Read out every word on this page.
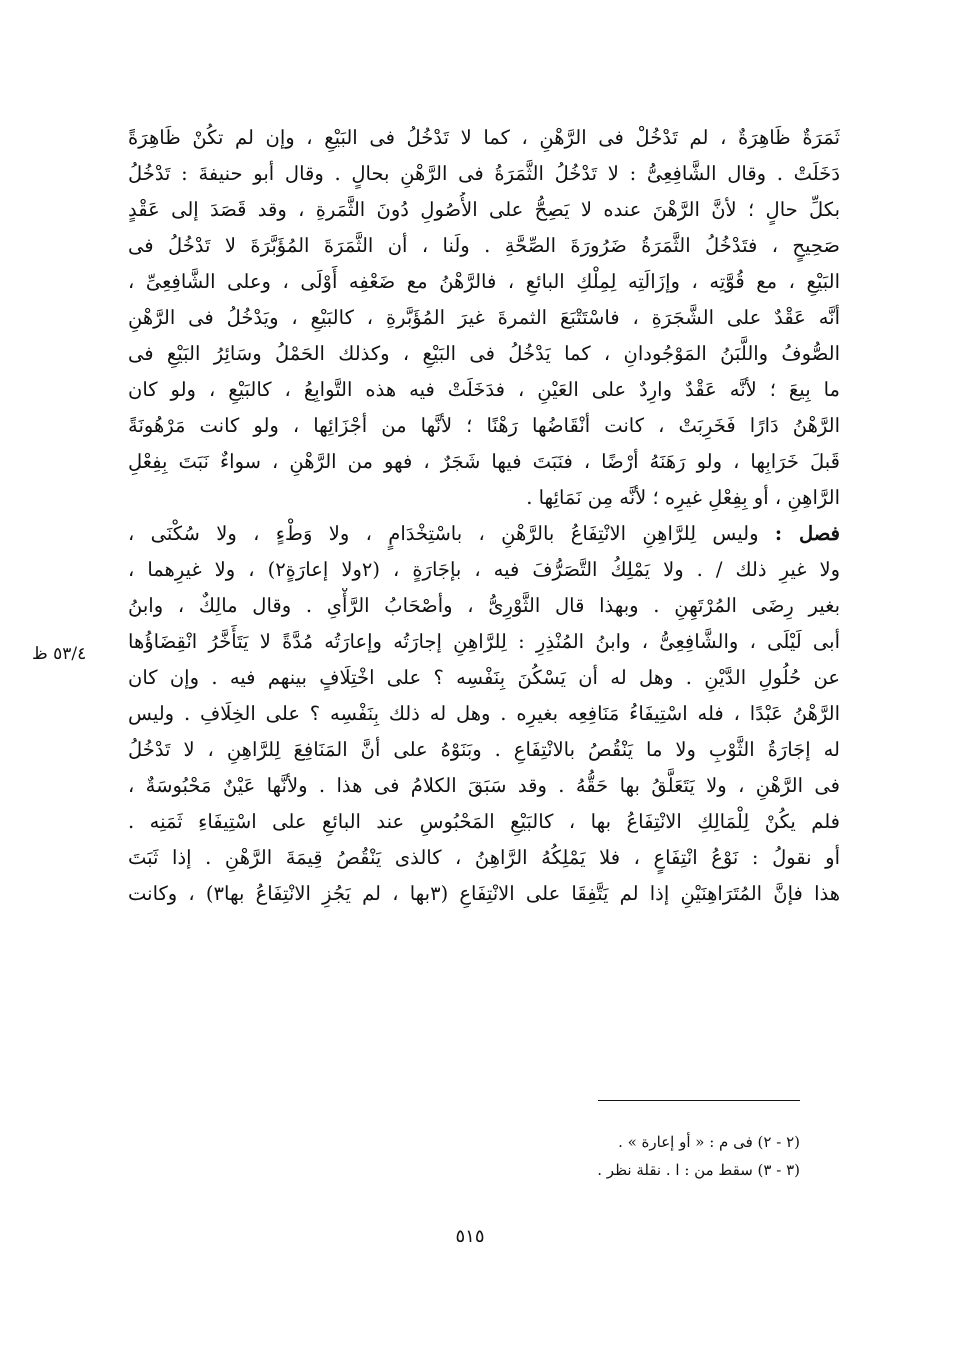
ثَمَرَةٌ ظَاهِرَةٌ ، لم تَدْخُلْ فى الرَّهْنِ ، كما لا تَدْخُلُ فى البَيْعِ ، وإن لم تكُنْ ظَاهِرَةً
دَخَلَتْ . وقال الشَّافِعِىُّ : لا تَدْخُلُ الثَّمَرَةُ فى الرَّهْنِ بحالٍ . وقال أبو حنيفةَ : تَدْخُلُ
بكلِّ حالٍ ؛ لأنَّ الرَّهْنَ عنده لا يَصِحُّ على الأُصُولِ دُونَ الثَّمَرةِ ، وقد قَصَدَ إلى عَقْدٍ
صَحِيحٍ ، فتَدْخُلُ الثَّمَرَةُ ضَرُورَةَ الصِّحَّةِ . ولَنا ، أن الثَّمَرَةَ المُؤَبَّرَةَ لا تَدْخُلُ فى
البَيْعِ ، مع قُوَّتِه ، وإزَالَتِه لِمِلْكِ البائعِ ، فالرَّهْنُ مع ضَعْفِه أَوْلَى ، وعلى الشَّافِعِىِّ ،
أنَّه عَقْدٌ على الشَّجَرَةِ ، فاسْتَتْبَعَ الثمرةَ غيرَ المُؤَبَّرةِ ، كالبَيْعِ ، ويَدْخُلُ فى الرَّهْنِ
الصُّوفُ واللَّبَنُ المَوْجُودانِ ، كما يَدْخُلُ فى البَيْعِ ، وكذلك الحَمْلُ وسَائِرُ البَيْعِ فى
ما بِيعَ ؛ لأنَّه عَقْدٌ وارِدٌ على العَيْنِ ، فدَخَلَتْ فيه هذه التَّوابِعُ ، كالبَيْعِ ، ولو كان
الرَّهْنُ دَارًا فَخَرِبَتْ ، كانت أنْقَاضُها رَهْنًا ؛ لأنَّها من أجْزَائِها ، ولو كانت مَرْهُونَةً
قَبلَ خَرَابِها ، ولو رَهَنَهُ أرْضًا ، فنَبَتَ فيها شَجَرٌ ، فهو من الرَّهْنِ ، سواءٌ نَبَتَ بِفِعْلِ
الرَّاهِنِ ، أو بِفِعْلِ غيرِه ؛ لأنَّه مِن نَمَائِها .
فصل : وليس لِلرَّاهِنِ الانْتِفَاعُ بالرَّهْنِ ، باسْتِخْدَامٍ ، ولا وَطْءٍ ، ولا سُكْنَى ،
ولا غيرِ ذلك / . ولا يَمْلِكُ التَّصَرُّفَ فيه ، بإجَارَةٍ ، (٢ولا إعارَةٍ٢) ، ولا غيرِهما ،
بغير رِضَى المُرْتَهِنِ . وبهذا قال الثَّوْرِىُّ ، وأصْحَابُ الرَّأْىِ . وقال مالِكٌ ، وابنُ
أبى لَيْلَى ، والشَّافِعِىُّ ، وابنُ المُنْذِرِ : لِلرَّاهِنِ إجارَتُه وإعارَتُه مُدَّةً لا يَتَأَخَّرُ انْقِضَاؤُها
عن حُلُولِ الدَّيْنِ . وهل له أن يَسْكُنَ بِنَفْسِه ؟ على اخْتِلَافٍ بينهم فيه . وإن كان
الرَّهْنُ عَبْدًا ، فله اسْتِيفَاءُ مَنَافِعِه بغيرِه . وهل له ذلك بِنَفْسِه ؟ على الخِلَافِ . وليس
له إجَارَةُ الثَّوْبِ ولا ما يَنْقُصُ بالانْتِفَاعِ . وبَنَوْهُ على أنَّ المَنَافِعَ لِلرَّاهِنِ ، لا تَدْخُلُ
فى الرَّهْنِ ، ولا يَتَعَلَّقُ بها حَقُّهُ . وقد سَبَقَ الكلامُ فى هذا . ولأنَّها عَيْنٌ مَحْبُوسَةٌ ،
فلم يكُنْ لِلْمَالِكِ الانْتِفَاعُ بها ، كالبَيْعِ المَحْبُوسِ عند البائعِ على اسْتِيفَاءِ ثَمَنِه .
أو نقولُ : نَوْعُ انْتِفَاعٍ ، فلا يَمْلِكُهُ الرَّاهِنُ ، كالذى يَنْقُصُ قِيمَةَ الرَّهْنِ . إذا ثَبَتَ
هذا فإنَّ المُتَرَاهِنَيْنِ إذا لم يَتَّفِقَا على الانْتِفَاعِ (٣بها ، لم يَجُزِ الانْتِفَاعُ بها٣) ، وكانت
٥٣/٤ ظ
(٢ - ٢) فى م : « أو إعارة » .
(٣ - ٣) سقط من : ا . نقلة نظر .
٥١٥
